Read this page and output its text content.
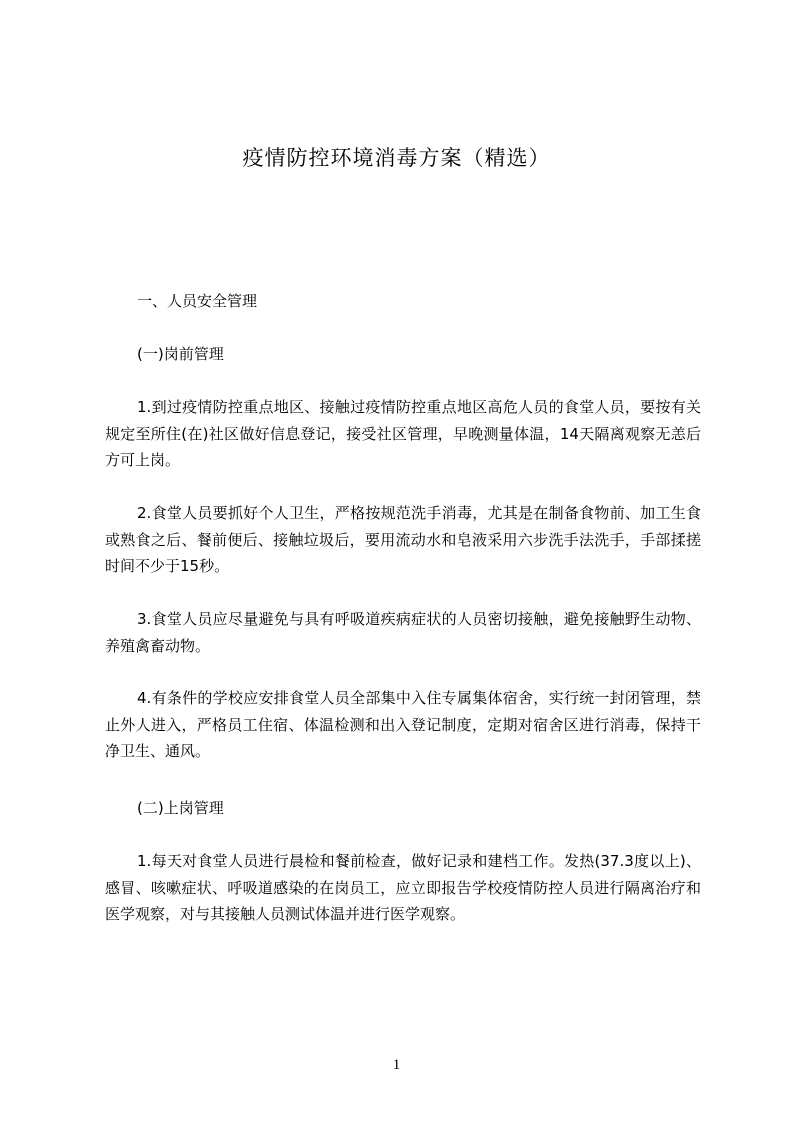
疫情防控环境消毒方案（精选）
一、人员安全管理
(一)岗前管理
1.到过疫情防控重点地区、接触过疫情防控重点地区高危人员的食堂人员，要按有关规定至所住(在)社区做好信息登记，接受社区管理，早晚测量体温，14天隔离观察无恙后方可上岗。
2.食堂人员要抓好个人卫生，严格按规范洗手消毒，尤其是在制备食物前、加工生食或熟食之后、餐前便后、接触垃圾后，要用流动水和皂液采用六步洗手法洗手，手部揉搓时间不少于15秒。
3.食堂人员应尽量避免与具有呼吸道疾病症状的人员密切接触，避免接触野生动物、养殖禽畜动物。
4.有条件的学校应安排食堂人员全部集中入住专属集体宿舍，实行统一封闭管理，禁止外人进入，严格员工住宿、体温检测和出入登记制度，定期对宿舍区进行消毒，保持干净卫生、通风。
(二)上岗管理
1.每天对食堂人员进行晨检和餐前检查，做好记录和建档工作。发热(37.3度以上)、感冒、咳嗽症状、呼吸道感染的在岗员工，应立即报告学校疫情防控人员进行隔离治疗和医学观察，对与其接触人员测试体温并进行医学观察。
1
